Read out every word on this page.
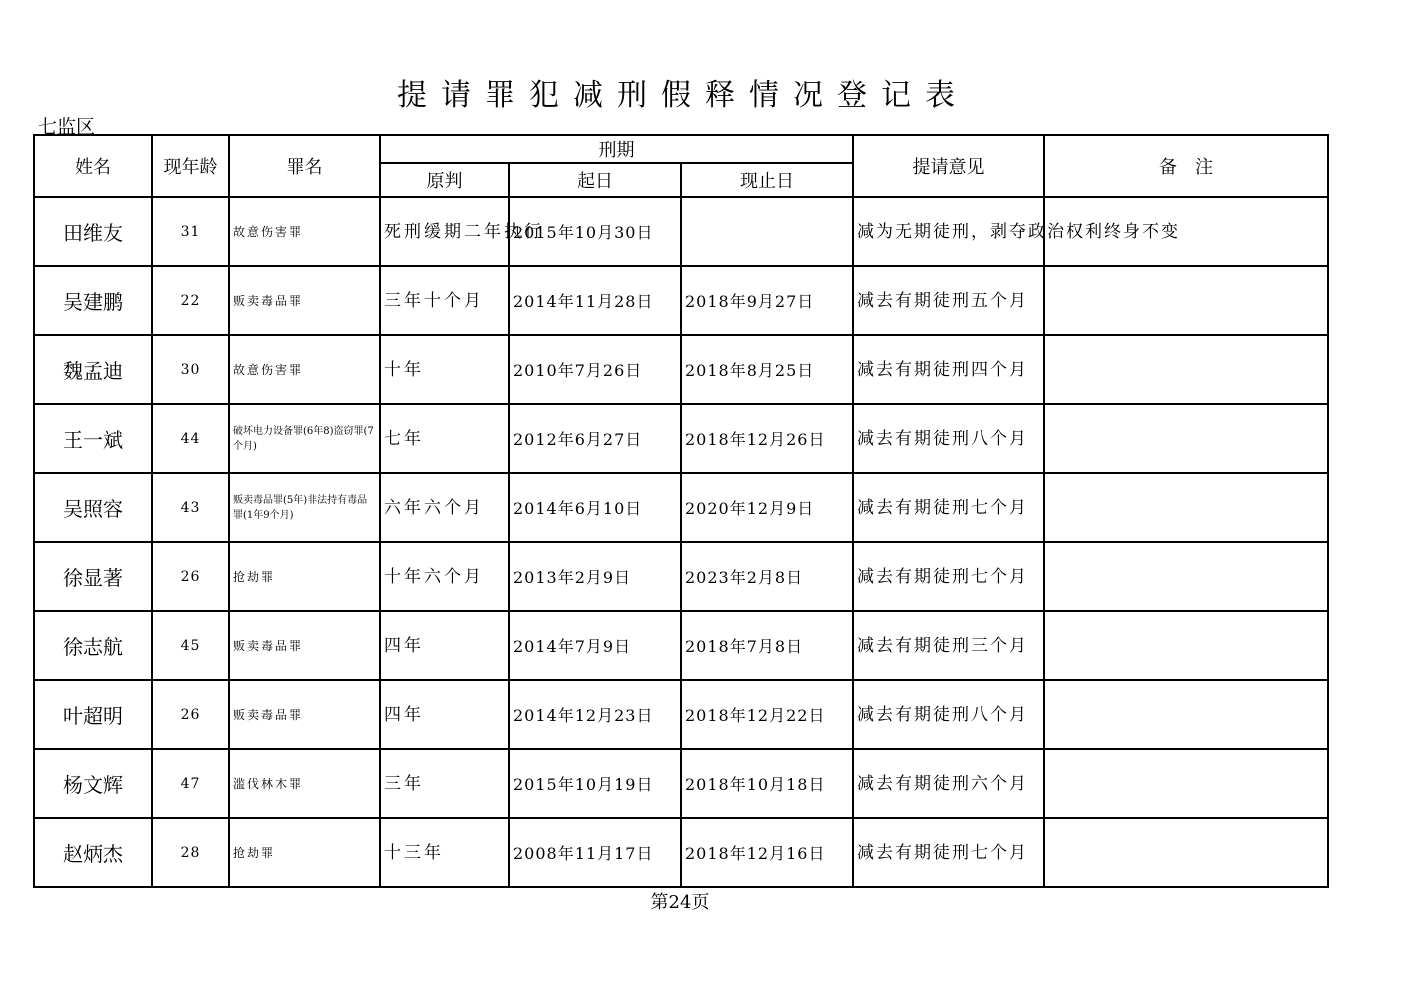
提请罪犯减刑假释情况登记表
七监区
姓名	现年龄	罪名	刑期			提请意见	备　注
			原判	起日	现止日		
田维友	31	故意伤害罪	死刑缓期二年执行	2015年10月30日		减为无期徒刑，剥夺政治权利终身不变	
吴建鹏	22	贩卖毒品罪	三年十个月	2014年11月28日	2018年9月27日	减去有期徒刑五个月	
魏孟迪	30	故意伤害罪	十年	2010年7月26日	2018年8月25日	减去有期徒刑四个月	
王一斌	44	破坏电力设备罪(6年8)盗窃罪(7个月)	七年	2012年6月27日	2018年12月26日	减去有期徒刑八个月	
吴照容	43	贩卖毒品罪(5年)非法持有毒品罪(1年9个月)	六年六个月	2014年6月10日	2020年12月9日	减去有期徒刑七个月	
徐显著	26	抢劫罪	十年六个月	2013年2月9日	2023年2月8日	减去有期徒刑七个月	
徐志航	45	贩卖毒品罪	四年	2014年7月9日	2018年7月8日	减去有期徒刑三个月	
叶超明	26	贩卖毒品罪	四年	2014年12月23日	2018年12月22日	减去有期徒刑八个月	
杨文辉	47	滥伐林木罪	三年	2015年10月19日	2018年10月18日	减去有期徒刑六个月	
赵炳杰	28	抢劫罪	十三年	2008年11月17日	2018年12月16日	减去有期徒刑七个月	
第24页
